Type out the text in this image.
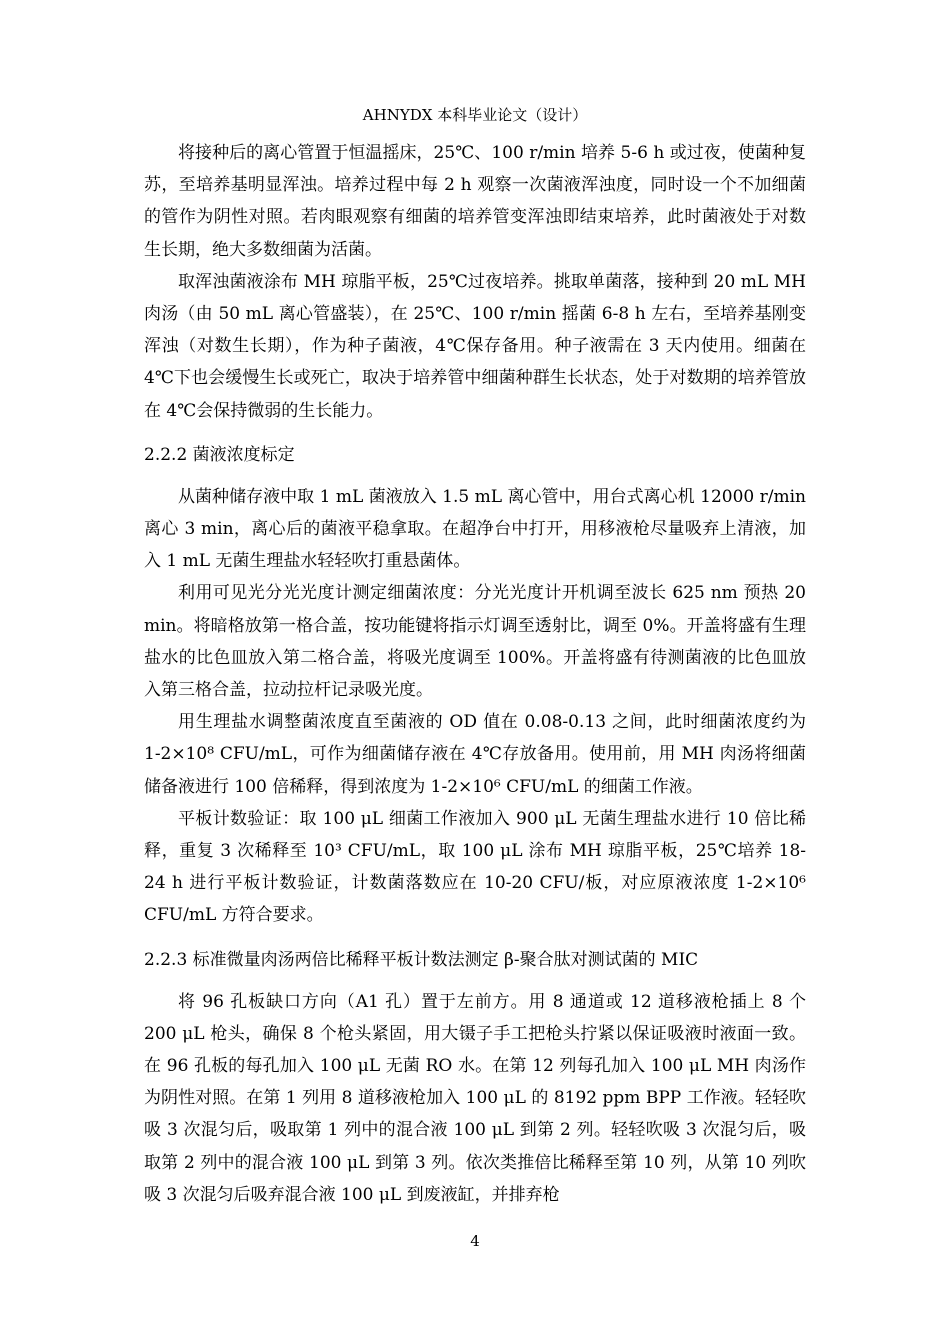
AHNYDX 本科毕业论文（设计）

将接种后的离心管置于恒温摇床，25℃、100 r/min 培养 5-6 h 或过夜，使菌种复苏，至培养基明显浑浊。培养过程中每 2 h 观察一次菌液浑浊度，同时设一个不加细菌的管作为阴性对照。若肉眼观察有细菌的培养管变浑浊即结束培养，此时菌液处于对数生长期，绝大多数细菌为活菌。

取浑浊菌液涂布 MH 琼脂平板，25℃过夜培养。挑取单菌落，接种到 20 mL MH 肉汤（由 50 mL 离心管盛装），在 25℃、100 r/min 摇菌 6-8 h 左右，至培养基刚变浑浊（对数生长期），作为种子菌液，4℃保存备用。种子液需在 3 天内使用。细菌在 4℃下也会缓慢生长或死亡，取决于培养管中细菌种群生长状态，处于对数期的培养管放在 4℃会保持微弱的生长能力。

2.2.2 菌液浓度标定

从菌种储存液中取 1 mL 菌液放入 1.5 mL 离心管中，用台式离心机 12000 r/min 离心 3 min，离心后的菌液平稳拿取。在超净台中打开，用移液枪尽量吸弃上清液，加入 1 mL 无菌生理盐水轻轻吹打重悬菌体。

利用可见光分光光度计测定细菌浓度：分光光度计开机调至波长 625 nm 预热 20 min。将暗格放第一格合盖，按功能键将指示灯调至透射比，调至 0%。开盖将盛有生理盐水的比色皿放入第二格合盖，将吸光度调至 100%。开盖将盛有待测菌液的比色皿放入第三格合盖，拉动拉杆记录吸光度。

用生理盐水调整菌浓度直至菌液的 OD 值在 0.08-0.13 之间，此时细菌浓度约为 1-2×10⁸ CFU/mL，可作为细菌储存液在 4℃存放备用。使用前，用 MH 肉汤将细菌储备液进行 100 倍稀释，得到浓度为 1-2×10⁶ CFU/mL 的细菌工作液。

平板计数验证：取 100 μL 细菌工作液加入 900 μL 无菌生理盐水进行 10 倍比稀释，重复 3 次稀释至 10³ CFU/mL，取 100 μL 涂布 MH 琼脂平板，25℃培养 18-24 h 进行平板计数验证，计数菌落数应在 10-20 CFU/板，对应原液浓度 1-2×10⁶ CFU/mL 方符合要求。

2.2.3 标准微量肉汤两倍比稀释平板计数法测定 β-聚合肽对测试菌的 MIC

将 96 孔板缺口方向（A1 孔）置于左前方。用 8 通道或 12 道移液枪插上 8 个 200 μL 枪头，确保 8 个枪头紧固，用大镊子手工把枪头拧紧以保证吸液时液面一致。在 96 孔板的每孔加入 100 μL 无菌 RO 水。在第 12 列每孔加入 100 μL MH 肉汤作为阴性对照。在第 1 列用 8 道移液枪加入 100 μL 的 8192 ppm BPP 工作液。轻轻吹吸 3 次混匀后，吸取第 1 列中的混合液 100 μL 到第 2 列。轻轻吹吸 3 次混匀后，吸取第 2 列中的混合液 100 μL 到第 3 列。依次类推倍比稀释至第 10 列，从第 10 列吹吸 3 次混匀后吸弃混合液 100 μL 到废液缸，并排弃枪

4
